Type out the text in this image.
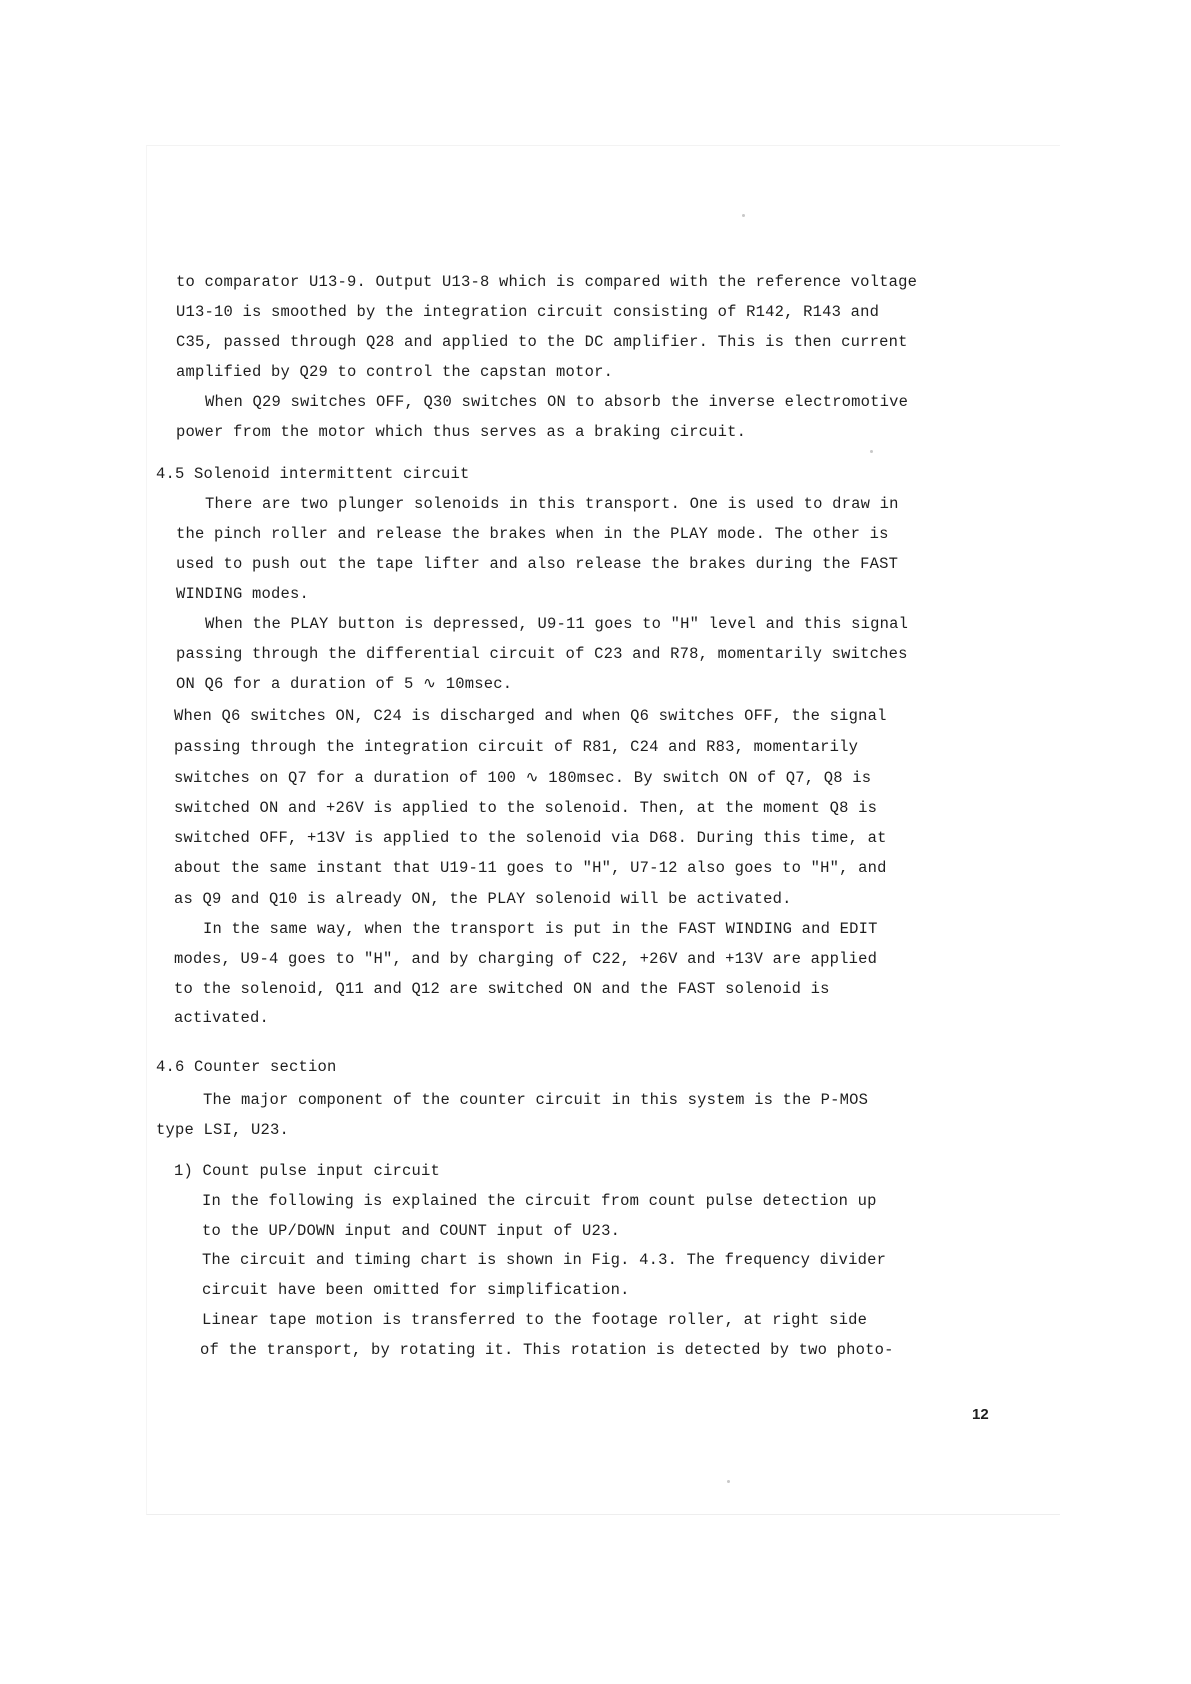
to comparator U13-9. Output U13-8 which is compared with the reference voltage
U13-10 is smoothed by the integration circuit consisting of R142, R143 and
C35, passed through Q28 and applied to the DC amplifier. This is then current
amplified by Q29 to control the capstan motor.
When Q29 switches OFF, Q30 switches ON to absorb the inverse electromotive
power from the motor which thus serves as a braking circuit.
4.5 Solenoid intermittent circuit
There are two plunger solenoids in this transport. One is used to draw in
the pinch roller and release the brakes when in the PLAY mode. The other is
used to push out the tape lifter and also release the brakes during the FAST
WINDING modes.
When the PLAY button is depressed, U9-11 goes to "H" level and this signal
passing through the differential circuit of C23 and R78, momentarily switches
ON Q6 for a duration of 5 ∿ 10msec.
When Q6 switches ON, C24 is discharged and when Q6 switches OFF, the signal
passing through the integration circuit of R81, C24 and R83, momentarily
switches on Q7 for a duration of 100 ∿ 180msec. By switch ON of Q7, Q8 is
switched ON and +26V is applied to the solenoid. Then, at the moment Q8 is
switched OFF, +13V is applied to the solenoid via D68. During this time, at
about the same instant that U19-11 goes to "H", U7-12 also goes to "H", and
as Q9 and Q10 is already ON, the PLAY solenoid will be activated.
In the same way, when the transport is put in the FAST WINDING and EDIT
modes, U9-4 goes to "H", and by charging of C22, +26V and +13V are applied
to the solenoid, Q11 and Q12 are switched ON and the FAST solenoid is
activated.
4.6 Counter section
The major component of the counter circuit in this system is the P-MOS
type LSI, U23.
1) Count pulse input circuit
In the following is explained the circuit from count pulse detection up
to the UP/DOWN input and COUNT input of U23.
The circuit and timing chart is shown in Fig. 4.3. The frequency divider
circuit have been omitted for simplification.
Linear tape motion is transferred to the footage roller, at right side
of the transport, by rotating it. This rotation is detected by two photo-
12
